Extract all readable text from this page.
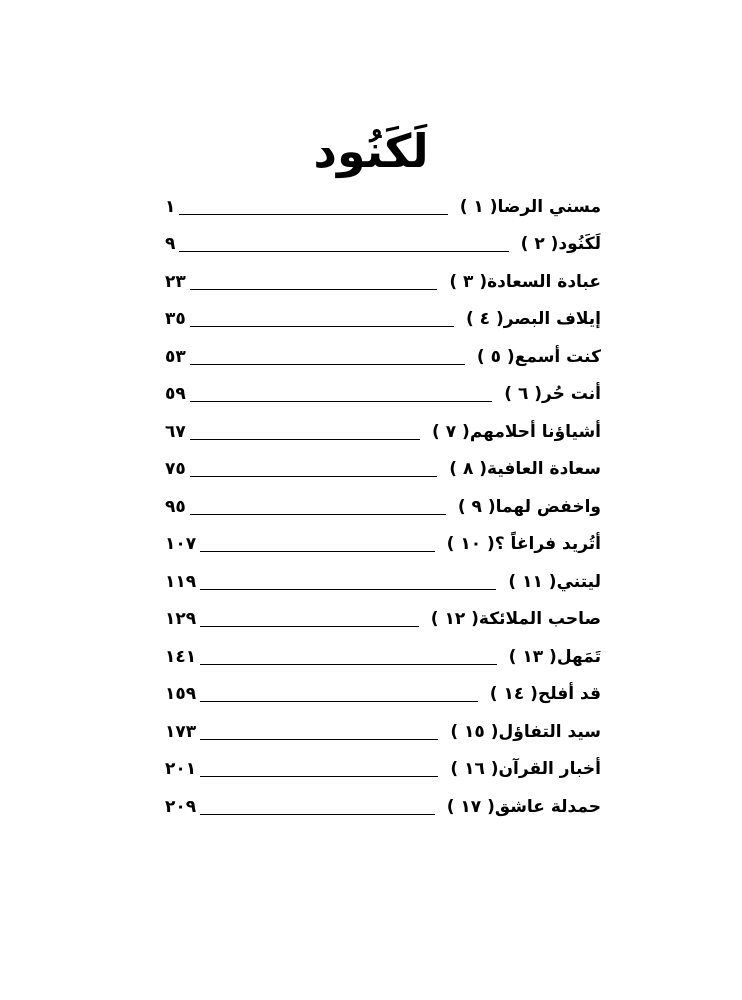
لَكَنُود
( ١ ) مسني الرضا
١
( ٢ ) لَكَنُود
٩
( ٣ ) عبادة السعادة
٢٣
( ٤ ) إيلاف البصر
٣٥
( ٥ ) كنت أسمع
٥٣
( ٦ ) أنت حُر
٥٩
( ٧ ) أشياؤنا أحلامهم
٦٧
( ٨ ) سعادة العافية
٧٥
( ٩ ) واخفض لهما
٩٥
( ١٠ ) أتُريد فراغاً ؟
١٠٧
( ١١ ) ليتني
١١٩
( ١٢ ) صاحب الملائكة
١٢٩
( ١٣ ) تَمَهل
١٤١
( ١٤ ) قد أفلح
١٥٩
( ١٥ ) سيد التفاؤل
١٧٣
( ١٦ ) أخبار القرآن
٢٠١
( ١٧ ) حمدلة عاشق
٢٠٩
